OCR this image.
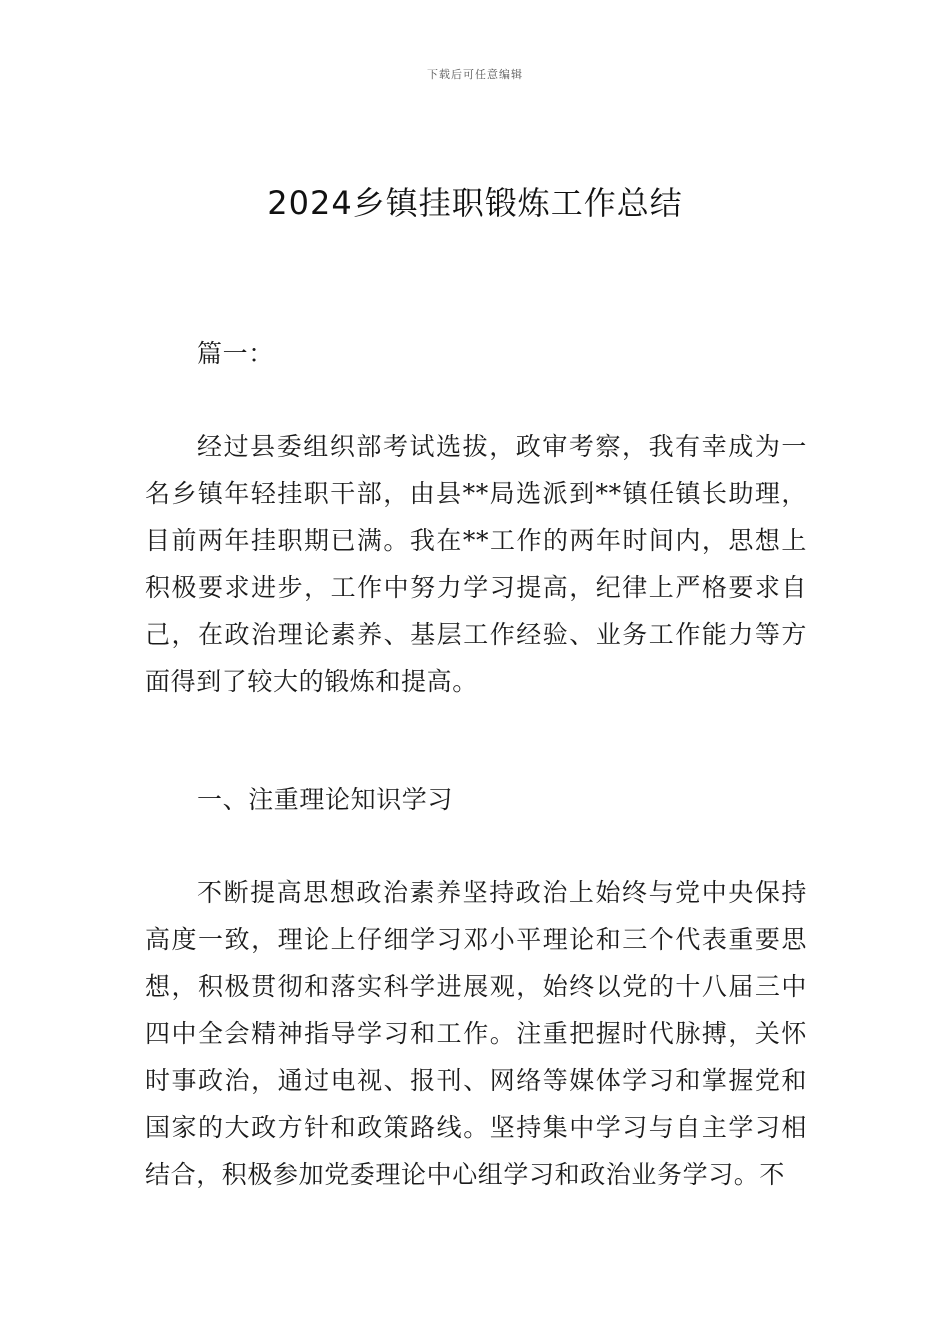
下载后可任意编辑
2024乡镇挂职锻炼工作总结

篇一：

经过县委组织部考试选拔，政审考察，我有幸成为一名乡镇年轻挂职干部，由县**局选派到**镇任镇长助理，目前两年挂职期已满。我在**工作的两年时间内，思想上积极要求进步，工作中努力学习提高，纪律上严格要求自己，在政治理论素养、基层工作经验、业务工作能力等方面得到了较大的锻炼和提高。

一、注重理论知识学习

不断提高思想政治素养坚持政治上始终与党中央保持高度一致，理论上仔细学习邓小平理论和三个代表重要思想，积极贯彻和落实科学进展观，始终以党的十八届三中四中全会精神指导学习和工作。注重把握时代脉搏，关怀时事政治，通过电视、报刊、网络等媒体学习和掌握党和国家的大政方针和政策路线。坚持集中学习与自主学习相结合，积极参加党委理论中心组学习和政治业务学习。不
